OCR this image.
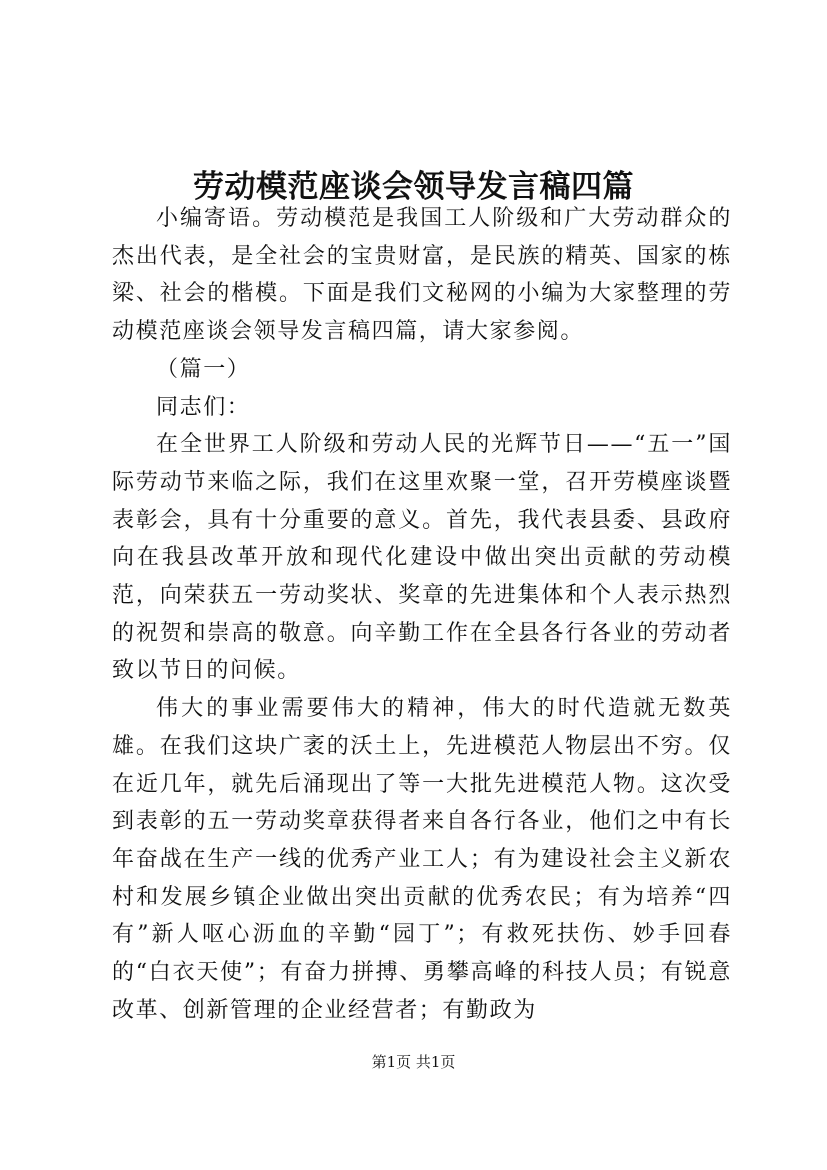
劳动模范座谈会领导发言稿四篇

小编寄语。劳动模范是我国工人阶级和广大劳动群众的杰出代表，是全社会的宝贵财富，是民族的精英、国家的栋梁、社会的楷模。下面是我们文秘网的小编为大家整理的劳动模范座谈会领导发言稿四篇，请大家参阅。

（篇一）

同志们：

在全世界工人阶级和劳动人民的光辉节日——“五一”国际劳动节来临之际，我们在这里欢聚一堂，召开劳模座谈暨表彰会，具有十分重要的意义。首先，我代表县委、县政府向在我县改革开放和现代化建设中做出突出贡献的劳动模范，向荣获五一劳动奖状、奖章的先进集体和个人表示热烈的祝贺和崇高的敬意。向辛勤工作在全县各行各业的劳动者致以节日的问候。

伟大的事业需要伟大的精神，伟大的时代造就无数英雄。在我们这块广袤的沃土上，先进模范人物层出不穷。仅在近几年，就先后涌现出了等一大批先进模范人物。这次受到表彰的五一劳动奖章获得者来自各行各业，他们之中有长年奋战在生产一线的优秀产业工人；有为建设社会主义新农村和发展乡镇企业做出突出贡献的优秀农民；有为培养“四有”新人呕心沥血的辛勤“园丁”；有救死扶伤、妙手回春的“白衣天使”；有奋力拼搏、勇攀高峰的科技人员；有锐意改革、创新管理的企业经营者；有勤政为

第1页 共1页
